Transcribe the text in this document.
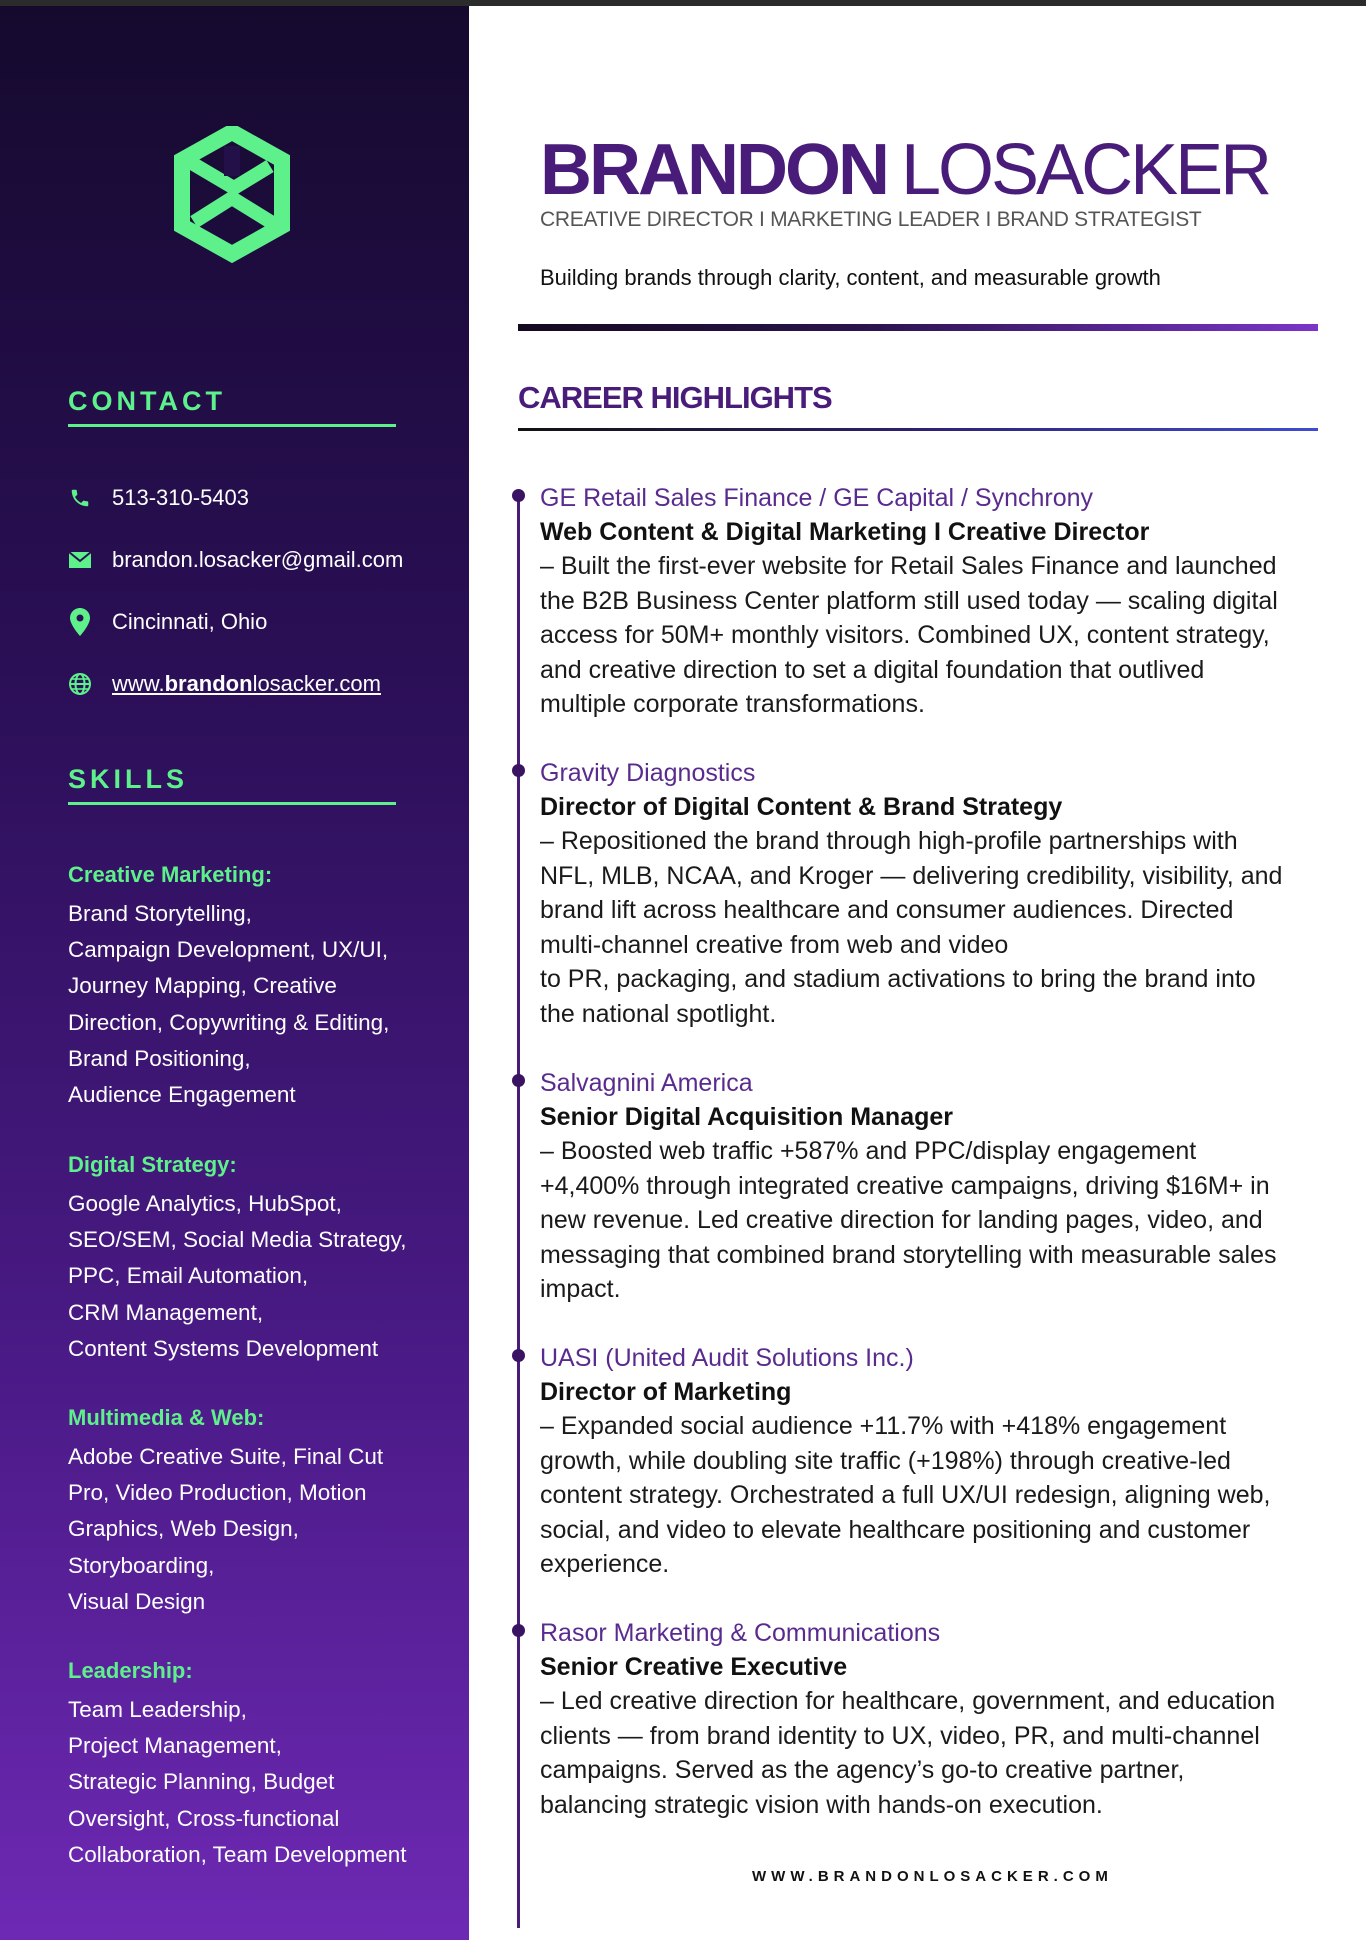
CONTACT
513-310-5403
brandon.losacker@gmail.com
Cincinnati, Ohio
www.brandonlosacker.com
SKILLS
Creative Marketing:
Brand Storytelling,
Campaign Development, UX/UI,
Journey Mapping, Creative
Direction, Copywriting & Editing,
Brand Positioning,
Audience Engagement
Digital Strategy:
Google Analytics, HubSpot,
SEO/SEM, Social Media Strategy,
PPC, Email Automation,
CRM Management,
Content Systems Development
Multimedia & Web:
Adobe Creative Suite, Final Cut
Pro, Video Production, Motion
Graphics, Web Design,
Storyboarding,
Visual Design
Leadership:
Team Leadership,
Project Management,
Strategic Planning, Budget
Oversight, Cross-functional
Collaboration, Team Development
BRANDON LOSACKER
CREATIVE DIRECTOR I MARKETING LEADER I BRAND STRATEGIST
Building brands through clarity, content, and measurable growth
CAREER HIGHLIGHTS
GE Retail Sales Finance / GE Capital / Synchrony
Web Content & Digital Marketing I Creative Director
– Built the first-ever website for Retail Sales Finance and launched
the B2B Business Center platform still used today — scaling digital
access for 50M+ monthly visitors. Combined UX, content strategy,
and creative direction to set a digital foundation that outlived
multiple corporate transformations.
Gravity Diagnostics
Director of Digital Content & Brand Strategy
– Repositioned the brand through high-profile partnerships with
NFL, MLB, NCAA, and Kroger — delivering credibility, visibility, and
brand lift across healthcare and consumer audiences. Directed
multi-channel creative from web and video
to PR, packaging, and stadium activations to bring the brand into
the national spotlight.
Salvagnini America
Senior Digital Acquisition Manager
– Boosted web traffic +587% and PPC/display engagement
+4,400% through integrated creative campaigns, driving $16M+ in
new revenue. Led creative direction for landing pages, video, and
messaging that combined brand storytelling with measurable sales
impact.
UASI (United Audit Solutions Inc.)
Director of Marketing
– Expanded social audience +11.7% with +418% engagement
growth, while doubling site traffic (+198%) through creative-led
content strategy. Orchestrated a full UX/UI redesign, aligning web,
social, and video to elevate healthcare positioning and customer
experience.
Rasor Marketing & Communications
Senior Creative Executive
– Led creative direction for healthcare, government, and education
clients — from brand identity to UX, video, PR, and multi-channel
campaigns. Served as the agency’s go-to creative partner,
balancing strategic vision with hands-on execution.
WWW.BRANDONLOSACKER.COM
